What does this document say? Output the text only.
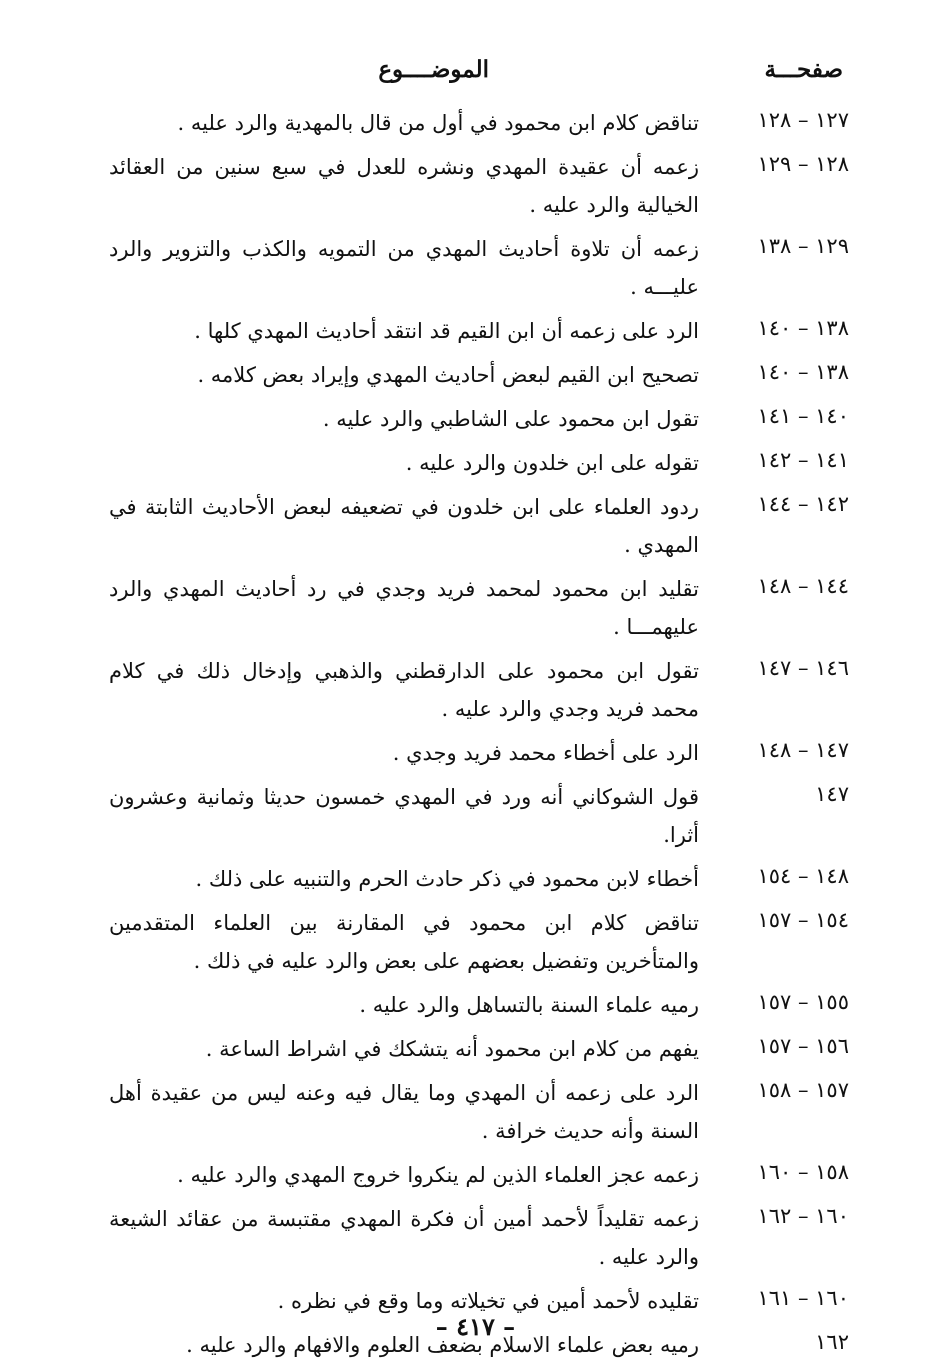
صفحـــة
الموضــــوع
١٢٧ – ١٢٨
تناقض كلام ابن محمود في أول من قال بالمهدية والرد عليه .
١٢٨ – ١٢٩
زعمه أن عقيدة المهدي ونشره للعدل في سبع سنين من العقائد الخيالية والرد عليه .
١٢٩ – ١٣٨
زعمه أن تلاوة أحاديث المهدي من التمويه والكذب والتزوير والرد عليـــه .
١٣٨ – ١٤٠
الرد على زعمه أن ابن القيم قد انتقد أحاديث المهدي كلها .
١٣٨ – ١٤٠
تصحيح ابن القيم لبعض أحاديث المهدي وإيراد بعض كلامه .
١٤٠ – ١٤١
تقول ابن محمود على الشاطبي والرد عليه .
١٤١ – ١٤٢
تقوله على ابن خلدون والرد عليه .
١٤٢ – ١٤٤
ردود العلماء على ابن خلدون في تضعيفه لبعض الأحاديث الثابتة في المهدي .
١٤٤ – ١٤٨
تقليد ابن محمود لمحمد فريد وجدي في رد أحاديث المهدي والرد عليهمـــا .
١٤٦ – ١٤٧
تقول ابن محمود على الدارقطني والذهبي وإدخال ذلك في كلام محمد فريد وجدي والرد عليه .
١٤٧ – ١٤٨
الرد على أخطاء محمد فريد وجدي .
١٤٧
قول الشوكاني أنه ورد في المهدي خمسون حديثا وثمانية وعشرون أثرا.
١٤٨ – ١٥٤
أخطاء لابن محمود في ذكر حادث الحرم والتنبيه على ذلك .
١٥٤ – ١٥٧
تناقض كلام ابن محمود في المقارنة بين العلماء المتقدمين والمتأخرين وتفضيل بعضهم على بعض والرد عليه في ذلك .
١٥٥ – ١٥٧
رميه علماء السنة بالتساهل والرد عليه .
١٥٦ – ١٥٧
يفهم من كلام ابن محمود أنه يتشكك في اشراط الساعة .
١٥٧ – ١٥٨
الرد على زعمه أن المهدي وما يقال فيه وعنه ليس من عقيدة أهل السنة وأنه حديث خرافة .
١٥٨ – ١٦٠
زعمه عجز العلماء الذين لم ينكروا خروج المهدي والرد عليه .
١٦٠ – ١٦٢
زعمه تقليداً لأحمد أمين أن فكرة المهدي مقتبسة من عقائد الشيعة والرد عليه .
١٦٠ – ١٦١
تقليده لأحمد أمين في تخيلاته وما وقع في نظره .
١٦٢
رميه بعض علماء الاسلام بضعف العلوم والافهام والرد عليه .
– ٤١٧ –
